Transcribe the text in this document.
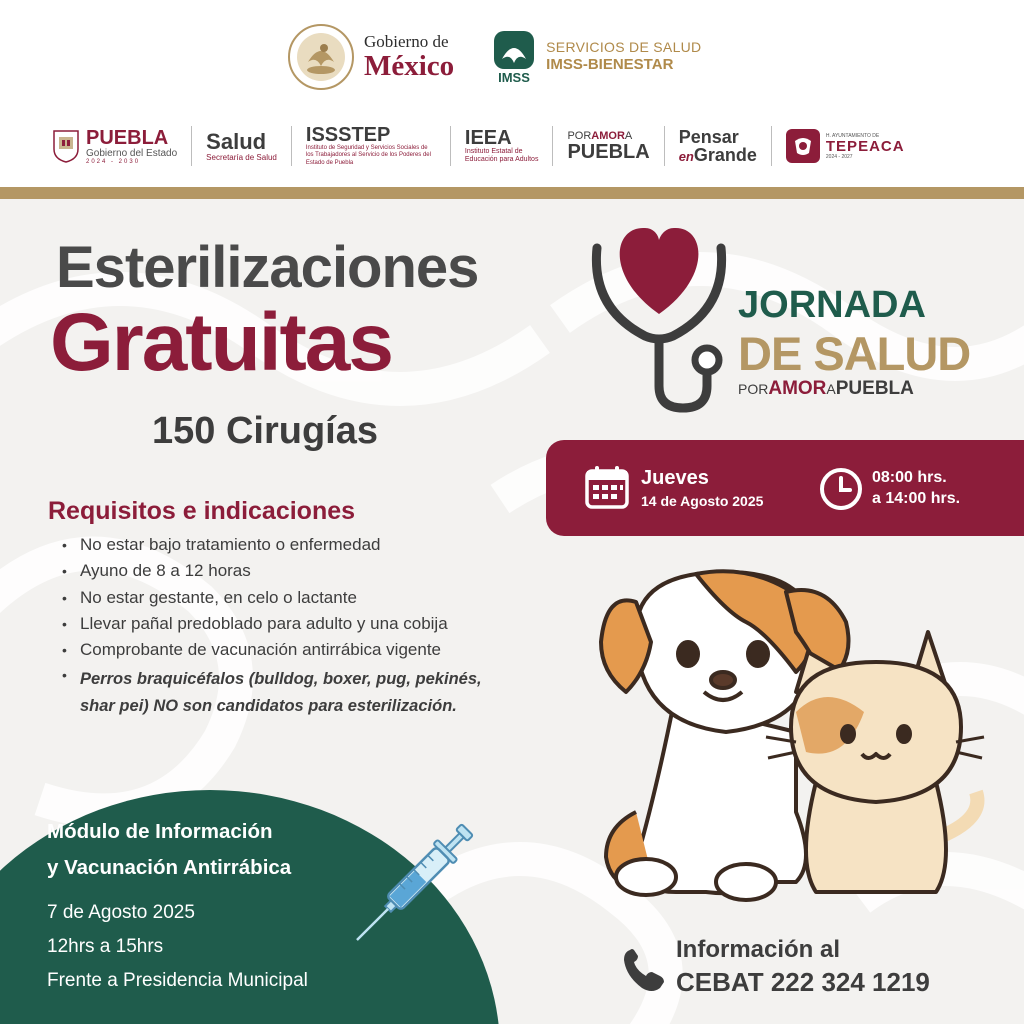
Gobierno de
México	IMSS
SERVICIOS DE SALUD
IMSS-BIENESTAR
PUEBLA
Gobierno del Estado
2024 - 2030
Salud
Secretaría de Salud
ISSSTEP
Instituto de Seguridad y Servicios Sociales de los Trabajadores al Servicio de los Poderes del Estado de Puebla
IEEA
Instituto Estatal de
Educación para Adultos
PORAMORA
PUEBLA
Pensar
enGrande
H. AYUNTAMIENTO DE
TEPEACA
2024 - 2027
Esterilizaciones
Gratuitas
150 Cirugías
JORNADA
DE SALUD
PORAMORAPUEBLA
Jueves
14 de Agosto 2025
08:00 hrs.
a 14:00 hrs.
Requisitos e indicaciones
• No estar bajo tratamiento o enfermedad
• Ayuno de 8 a 12 horas
• No estar gestante, en celo o lactante
• Llevar pañal predoblado para adulto y una cobija
• Comprobante de vacunación antirrábica vigente
• Perros braquicéfalos (bulldog, boxer, pug, pekinés, shar pei) NO son candidatos para esterilización.
Módulo de Información
y Vacunación Antirrábica
7 de Agosto 2025
12hrs a 15hrs
Frente a Presidencia Municipal
Información al
CEBAT 222 324 1219
